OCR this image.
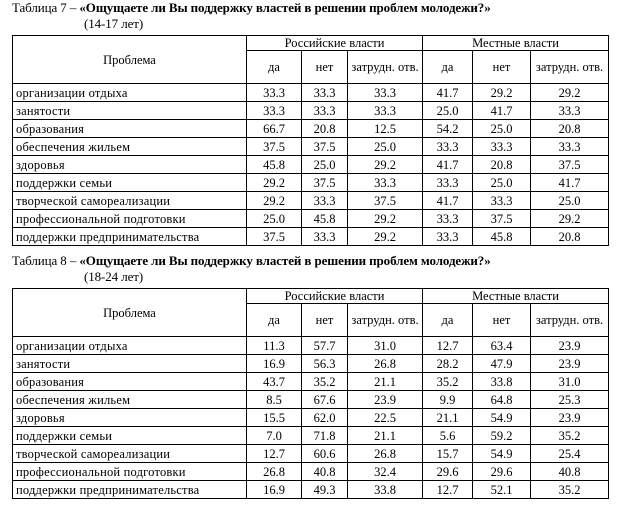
Таблица 7 – «Ощущаете ли Вы поддержку властей в решении проблем молодежи?»
(14-17 лет)
Проблема	Российские власти			Местные власти		
	да	нет	затрудн. отв.	да	нет	затрудн. отв.
организации отдыха	33.3	33.3	33.3	41.7	29.2	29.2
занятости	33.3	33.3	33.3	25.0	41.7	33.3
образования	66.7	20.8	12.5	54.2	25.0	20.8
обеспечения жильем	37.5	37.5	25.0	33.3	33.3	33.3
здоровья	45.8	25.0	29.2	41.7	20.8	37.5
поддержки семьи	29.2	37.5	33.3	33.3	25.0	41.7
творческой самореализации	29.2	33.3	37.5	41.7	33.3	25.0
профессиональной подготовки	25.0	45.8	29.2	33.3	37.5	29.2
поддержки предпринимательства	37.5	33.3	29.2	33.3	45.8	20.8
Таблица 8 – «Ощущаете ли Вы поддержку властей в решении проблем молодежи?»
(18-24 лет)
Проблема	Российские власти			Местные власти		
	да	нет	затрудн. отв.	да	нет	затрудн. отв.
организации отдыха	11.3	57.7	31.0	12.7	63.4	23.9
занятости	16.9	56.3	26.8	28.2	47.9	23.9
образования	43.7	35.2	21.1	35.2	33.8	31.0
обеспечения жильем	8.5	67.6	23.9	9.9	64.8	25.3
здоровья	15.5	62.0	22.5	21.1	54.9	23.9
поддержки семьи	7.0	71.8	21.1	5.6	59.2	35.2
творческой самореализации	12.7	60.6	26.8	15.7	54.9	25.4
профессиональной подготовки	26.8	40.8	32.4	29.6	29.6	40.8
поддержки предпринимательства	16.9	49.3	33.8	12.7	52.1	35.2
